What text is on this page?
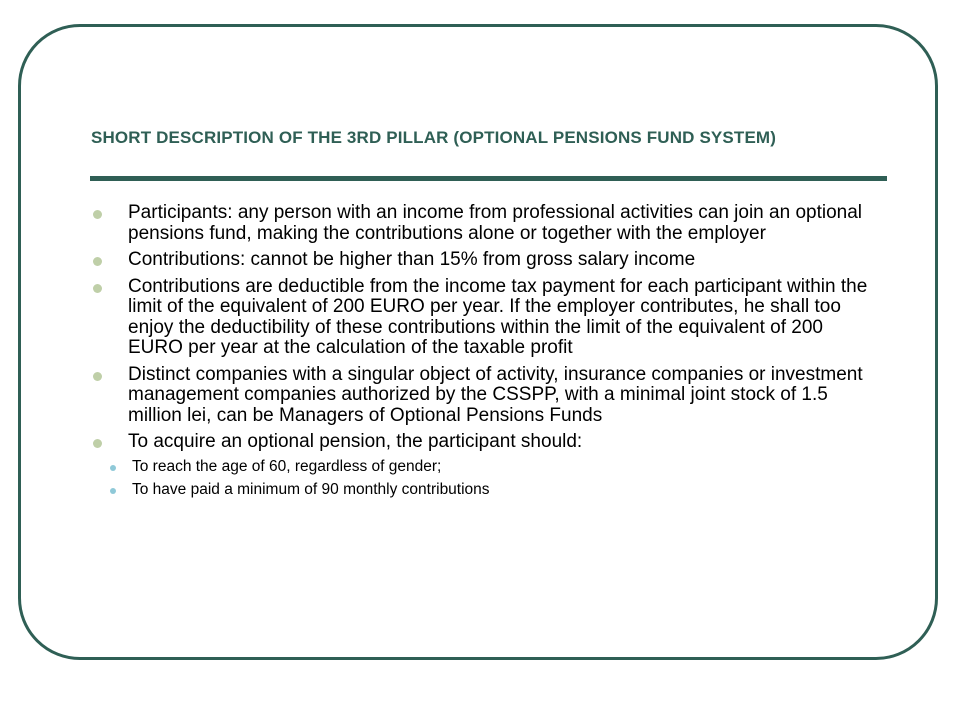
SHORT DESCRIPTION OF THE 3RD PILLAR (OPTIONAL PENSIONS FUND SYSTEM)
Participants: any person with an income from professional activities can join an optional pensions fund, making the contributions alone or together with the employer
Contributions: cannot be higher than 15% from gross salary income
Contributions are deductible from the income tax payment for each participant within the limit of the equivalent of 200 EURO per year. If the employer contributes, he shall too enjoy the deductibility of these contributions within the limit of the equivalent of 200 EURO per year at the calculation of the taxable profit
Distinct companies with a singular object of activity, insurance companies or investment management companies authorized by the CSSPP, with a minimal joint stock of 1.5 million lei, can be Managers of Optional Pensions Funds
To acquire an optional pension, the participant should:
To reach the age of 60, regardless of gender;
To have paid a minimum of 90 monthly contributions
